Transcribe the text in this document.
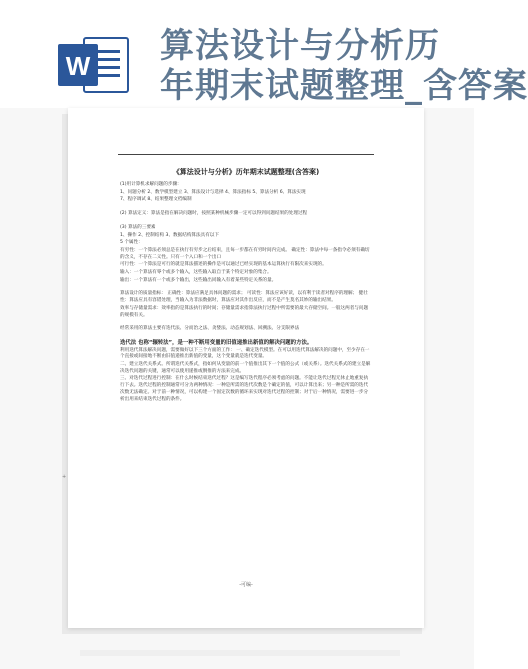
W 算法设计与分析历
年期末试题整理_含答案
《算法设计与分析》历年期末试题整理(含答案)

(1)用计算机求解问题的步骤：

1、问题分析 2、数学模型建立 3、算法设计与选择 4、算法指标 5、算法分析 6、算法实现

7、程序调试 8、结果整理文档编制

(2) 算法定义：算法是指在解决问题时，按照某种机械步骤一定可以得到问题结果的处理过程

(3) 算法的三要素

1、操作 2、控制结构 3、数据结构算法具有以下

5 个属性：

有穷性：一个算法必须总是在执行有穷步之后结束，且每一步都在有穷时间内完成。 确定性：算法中每一条指令必须有确切的含义，不存在二义性。只有一个入口和一个出口

可行性：一个算法是可行的就是算法描述的操作是可以通过已经实现的基本运算执行有限次来实现的。

输入：一个算法有零个或多个输入，这些输入取自于某个特定对象的集合。

输出：一个算法有一个或多个输出，这些输出同输入有着某些特定关系的量。

算法设计的质量指标： 正确性：算法应满足具体问题的需求； 可读性：算法应该好读，以有利于读者对程序的理解； 健壮性：算法应具有容错处理，当输入为非法数据时，算法应对其作出反应，而不是产生莫名其妙的输出结果。

效率与存储量需求：效率指的是算法执行的时间；存储量需求指算法执行过程中所需要的最大存储空间。一般这两者与问题的规模有关。

经常采用的算法主要有迭代法、分而治之法、贪婪法、动态规划法、回溯法、分支限界法

迭代法 也称“辗转法”，是一种不断用变量的旧值递推出新值的解决问题的方法。

利用迭代算法解决问题，需要做好以下三个方面的工作： 一、确定迭代模型。在可以用迭代算法解决的问题中，至少存在一个直接或间接地不断由旧值递推出新值的变量，这个变量就是迭代变量。

二、建立迭代关系式。所谓迭代关系式，指如何从变量的前一个值推出其下一个值的公式（或关系）。迭代关系式的建立是解决迭代问题的关键，通常可以使用递推或倒推的方法来完成。

三、对迭代过程进行控制：在什么时候结束迭代过程？这是编写迭代程序必须考虑的问题。不能让迭代过程无休止地重复执行下去。迭代过程的控制通常可分为两种情况：一种是所需的迭代次数是个确定的值，可以计算出来；另一种是所需的迭代次数无法确定。对于前一种情况，可以构建一个固定次数的循环来实现对迭代过程的控制；对于后一种情况，需要进一步分析出用来结束迭代过程的条件。

-可编-
+
